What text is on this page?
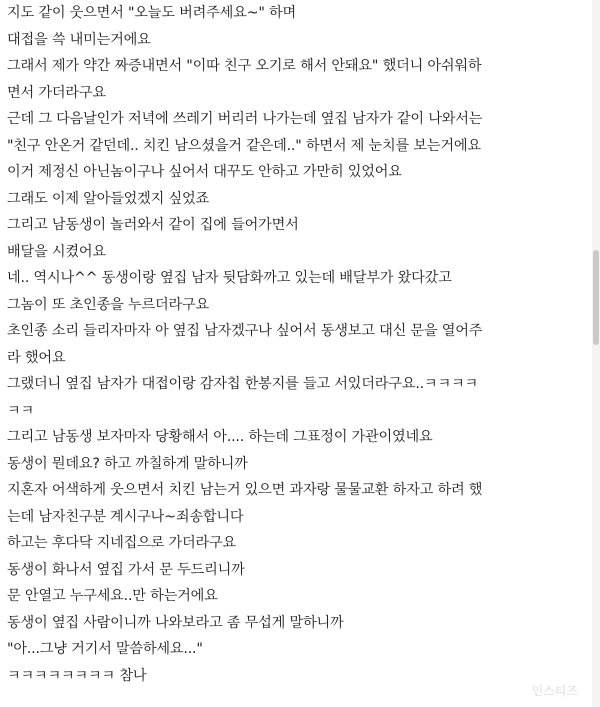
지도 같이 웃으면서 "오늘도 버려주세요~" 하며
대접을 쓱 내미는거에요
그래서 제가 약간 짜증내면서 "이따 친구 오기로 해서 안돼요" 했더니 아쉬워하
면서 가더라구요
근데 그 다음날인가 저녁에 쓰레기 버리러 나가는데 옆집 남자가 같이 나와서는
"친구 안온거 같던데.. 치킨 남으셨을거 같은데.." 하면서 제 눈치를 보는거에요
이거 제정신 아닌놈이구나 싶어서 대꾸도 안하고 가만히 있었어요
그래도 이제 알아들었겠지 싶었죠
그리고 남동생이 놀러와서 같이 집에 들어가면서
배달을 시켰어요
네.. 역시나^^ 동생이랑 옆집 남자 뒷담화까고 있는데 배달부가 왔다갔고
그놈이 또 초인종을 누르더라구요
초인종 소리 들리자마자 아 옆집 남자겠구나 싶어서 동생보고 대신 문을 열어주
라 했어요
그랬더니 옆집 남자가 대접이랑 감자칩 한봉지를 들고 서있더라구요..ㅋㅋㅋㅋ
ㅋㅋ
그리고 남동생 보자마자 당황해서 아.... 하는데 그표정이 가관이였네요
동생이 뭔데요? 하고 까칠하게 말하니까
지혼자 어색하게 웃으면서 치킨 남는거 있으면 과자랑 물물교환 하자고 하려 했
는데 남자친구분 계시구나~죄송합니다
하고는 후다닥 지네집으로 가더라구요
동생이 화나서 옆집 가서 문 두드리니까
문 안열고 누구세요..만 하는거에요
동생이 옆집 사람이니까 나와보라고 좀 무섭게 말하니까
"아...그냥 거기서 말씀하세요..."
ㅋㅋㅋㅋㅋㅋㅋㅋ 참나
인스티즈
